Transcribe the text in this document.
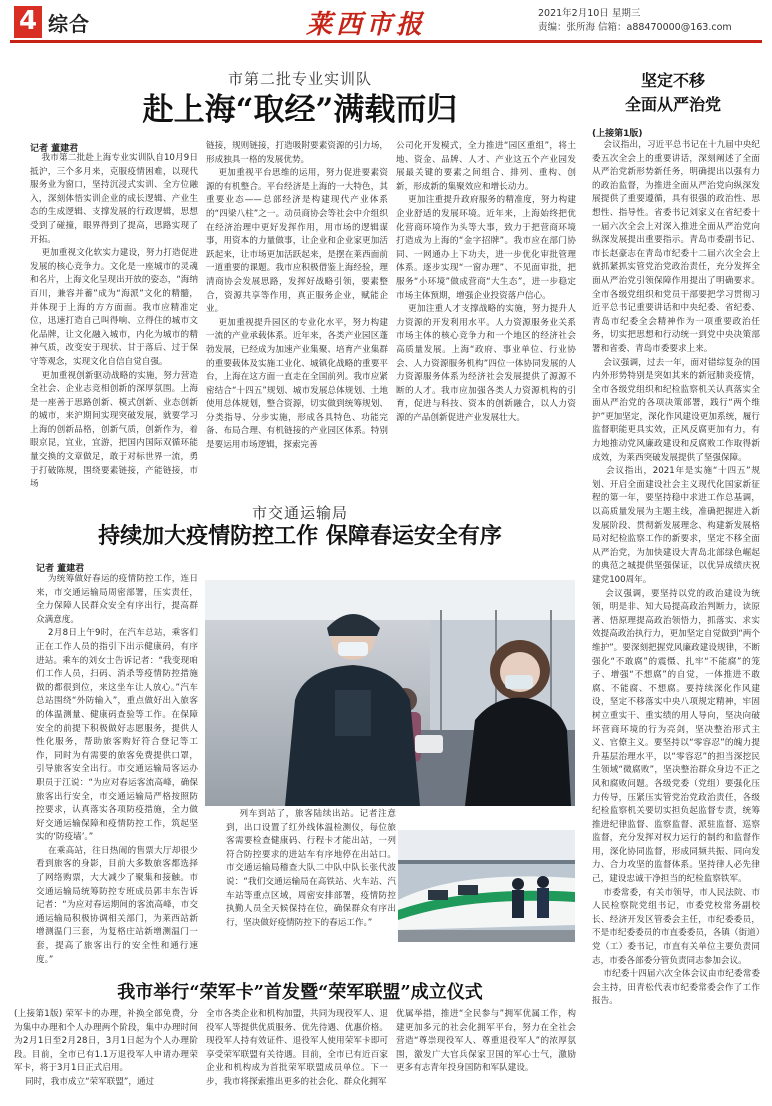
4 综合	莱西市报	2021年2月10日 星期三
责编：张所海 信箱：a88470000@163.com
市第二批专业实训队
赴上海“取经”满载而归
记者 董建君
我市第二批赴上海专业实训队自10月9日抵沪，三个多月来，克服疫情困难，以现代服务业为窗口，坚持沉浸式实训、全方位融入，深刻体悟实训企业的成长逻辑、产业生态的生成逻辑、支撑发展的行政逻辑，思想受到了碰撞，眼界得到了提高，思路实现了开拓。
更加重视文化软实力建设，努力打造促进发展的核心竞争力。文化是一座城市的灵魂和名片，上海文化呈现出开放的姿态，“海纳百川，兼容并蓄”成为“海派”文化的精髓，并体现于上海的方方面面。我市应精准定位，迅速打造自己叫得响、立得住的城市文化品牌，让文化融入城市，内化为城市的精神气质，改变安于现状、甘于落后、过于保守等观念，实现文化自信自觉自强。
更加重视创新驱动战略的实施，努力营造全社会、企业志竞相创新的深厚氛围。上海是一座善于思路创新、模式创新、业态创新的城市，来沪期间实现突破发展，就要学习上海的创新品格，创新气质，创新作为，着眼京昆，宜业，宜游，把国内国际双循环能量交换的文章做足，敢于对标世界一流，勇于打破陈规，围绕要素链接，产能链接，市场
链接，规则链接，打造吸附要素资源的引力场，形成独具一格的发展优势。
更加重视平台思维的运用，努力促进要素资源的有机整合。平台经济是上海的一大特色，其重要业态——总部经济是构建现代产业体系的“四梁八柱”之一。动员商协会等社会中介组织在经济治理中更好发挥作用，用市场的逻辑谋事，用资本的力量做事，让企业和企业家更加活跃起来，让市场更加活跃起来，是摆在莱西面前一道重要的课题。我市应积极借鉴上海经验，理清商协会发展思路，发挥好战略引领，要素整合，资源共享等作用，真正服务企业，赋能企业。
更加重视提升园区的专业化水平，努力构建一流的产业承载体系。近年来，各类产业园区蓬勃发展，已经成为加速产业集聚、培育产业集群的重要载体及实施工业化、城镇化战略的重要平台，上海在这方面一直走在全国前列。我市应紧密结合“十四五”规划、城市发展总体规划、土地使用总体规划，整合资源，切实做到统筹规划、分类指导、分步实施，形成各具特色、功能完备、布局合理、有机链接的产业园区体系。特别是要运用市场逻辑，探索完善
公司化开发模式，全力推进“园区重组”，将土地、资金、品牌、人才、产业这五个产业园发展最关键的要素之间组合、排列、重构、创新，形成新的集聚效应和增长动力。
更加注重提升政府服务的精准度，努力构建企业舒适的发展环境。近年来，上海始终把优化营商环境作为头等大事，致力于把营商环境打造成为上海的“金字招牌”。我市应在部门协同、一网通办上下功夫，进一步优化审批管理体系。逐步实现“一窗办理”、不见面审批，把服务“小环境”做成营商“大生态”，进一步稳定市场主体预期，增强企业投资落户信心。
更加注重人才支撑战略的实施，努力提升人力资源的开发利用水平。人力资源服务业关系市场主体的核心竞争力和一个地区的经济社会高质量发展。上海“政府、事业单位、行业协会、人力资源服务机构”四位一体协同发展的人力资源服务体系为经济社会发展提供了源源不断的人才。我市应加强各类人力资源机构的引育，促进与科技、资本的创新融合，以人力资源的产品创新促进产业发展壮大。
市交通运输局
持续加大疫情防控工作 保障春运安全有序
记者 董建君
为统筹做好春运的疫情防控工作，连日来，市交通运输局周密部署，压实责任，全力保障人民群众安全有序出行，提高群众满意度。
2月8日上午9时，在汽车总站，乘客们正在工作人员的指引下出示健康码，有序进站。乘车的刘女士告诉记者：“我变现咱们工作人员，扫码、消杀等疫情防控措施做的都很到位，来这坐车让人放心。”汽车总站围绕“外防输入”，重点做好出入旅客的体温测量、健康码查验等工作。在保障安全的前提下积极做好志愿服务，提供人性化服务，帮助旅客购好符合登记等工作，同时为有需要的旅客免费提供口罩，引导旅客安全出行。市交通运输局客运办职员于江说：“为应对春运客流高峰，确保旅客出行安全，市交通运输局严格按照防控要求，认真落实各项防疫措施，全力做好交通运输保障和疫情防控工作，筑起坚实的‘防疫墙’。”
在乘高站，往日热闹的售票大厅却很少看到旅客的身影，目前大多数旅客都选择了网络购票，大大减少了聚集和接触。市交通运输局统筹防控专班成员郭丰东告诉记者：“为应对春运期间的客流高峰，市交通运输局积极协调相关部门，为莱西站新增测温门三套，为复格庄站新增测温门一套，提高了旅客出行的安全性和通行速度。”
列车到站了，旅客陆续出站。记者注意到，出口设置了红外线体温检测仪，每位旅客需要检查健康码、行程卡才能出站，一列符合防控要求的进站车有序地停在出站口。市交通运输局稽查大队二中队中队长张代波说：“我们交通运输局在高铁站、火车站、汽车站等重点区域，周密安排部署，疫情防控执勤人员全天候保持在位，确保群众有序出行，坚决做好疫情防控下的春运工作。”
我市举行“荣军卡”首发暨“荣军联盟”成立仪式
(上接第1版) 荣军卡的办理，补换全部免费，分为集中办理和个人办理两个阶段，集中办理时间为2月1日至2月28日，3月1日起为个人办理阶段。目前，全市已有1.1万退役军人申请办理荣军卡，将于3月1日正式启用。
同时，我市成立“荣军联盟”，通过
全市各类企业和机构加盟，共同为现役军人、退役军人等提供优质服务、优先待遇、优惠价格。现役军人持有效证件、退役军人使用荣军卡即可享受荣军联盟有关待遇。目前，全市已有近百家企业和机构成为首批荣军联盟成员单位。下一步，我市将探索推出更多的社会化、群众化拥军
优属举措，推进“全民参与”拥军优属工作，构建更加多元的社会化拥军平台，努力在全社会营造“尊崇现役军人、尊重退役军人”的浓厚氛围，激发广大官兵保家卫国的军心士气，激励更多有志青年投身国防和军队建设。
坚定不移
全面从严治党
(上接第1版)
会议指出，习近平总书记在十九届中央纪委五次全会上的重要讲话，深刻阐述了全面从严治党新形势新任务，明确提出以强有力的政治监督，为推进全面从严治党向纵深发展提供了重要遵循，具有很强的政治性、思想性、指导性。省委书记刘家义在省纪委十一届六次全会上对深入推进全面从严治党向纵深发展提出重要指示。青岛市委副书记、市长赵豪志在青岛市纪委十二届六次全会上就抓紧抓实管党治党政治责任，充分发挥全面从严治党引领保障作用提出了明确要求。全市各级党组织和党员干部要把学习贯彻习近平总书记重要讲话和中央纪委、省纪委、青岛市纪委全会精神作为一项重要政治任务，切实把思想和行动统一到党中央决策部署和省委、青岛市委要求上来。
会议强调，过去一年，面对错综复杂的国内外形势特别是突如其来的新冠肺炎疫情，全市各级党组织和纪检监察机关认真落实全面从严治党的各项决策部署，践行“两个维护”更加坚定，深化作风建设更加系统，履行监督职能更具实效，正风反腐更加有力，有力地推动党风廉政建设和反腐败工作取得新成效，为莱西突破发展提供了坚强保障。
会议指出，2021年是实施“十四五”规划、开启全面建设社会主义现代化国家新征程的第一年，要坚持稳中求进工作总基调，以高质量发展为主题主线，准确把握进入新发展阶段、贯彻新发展理念、构建新发展格局对纪检监察工作的新要求，坚定不移全面从严治党，为加快建设大青岛北部绿色崛起的典范之城提供坚强保证，以优异成绩庆祝建党100周年。
会议强调，要坚持以党的政治建设为统领，明是非、知大局提高政治判断力，读原著、悟原理提高政治领悟力，抓落实、求实效提高政治执行力，更加坚定自觉做到“两个维护”。要深刻把握党风廉政建设规律，不断强化“不敢腐”的震慑、扎牢“不能腐”的笼子、增强“不想腐”的自觉，一体推进不敢腐、不能腐、不想腐。要持续深化作风建设，坚定不移落实中央八项规定精神，牢固树立重实干、重实绩的用人导向，坚决向破坏营商环境的行为亮剑，坚决整治形式主义、官僚主义。要坚持以“零容忍”的魄力提升基层治理水平，以“零容忍”的担当深挖民生领域“微腐败”，坚决整治群众身边不正之风和腐败问题。各级党委（党组）要强化压力传导，压紧压实管党治党政治责任，各级纪检监察机关要切实担负起监督专责，统筹推进纪律监督、监察监督、派驻监督、巡察监督，充分发挥对权力运行的制约和监督作用，深化协同监督，形成同频共振、同向发力、合力攻坚的监督体系。坚持律人必先律己，建设忠诚干净担当的纪检监察铁军。
市委常委，有关市领导，市人民法院、市人民检察院党组书记，市委党校常务副校长、经济开发区管委会主任，市纪委委员，不是市纪委委员的市直委委员，各镇（街道）党（工）委书记，市直有关单位主要负责同志，市委各部委分管负责同志参加会议。
市纪委十四届六次全体会议由市纪委常委会主持，田青松代表市纪委常委会作了工作报告。
